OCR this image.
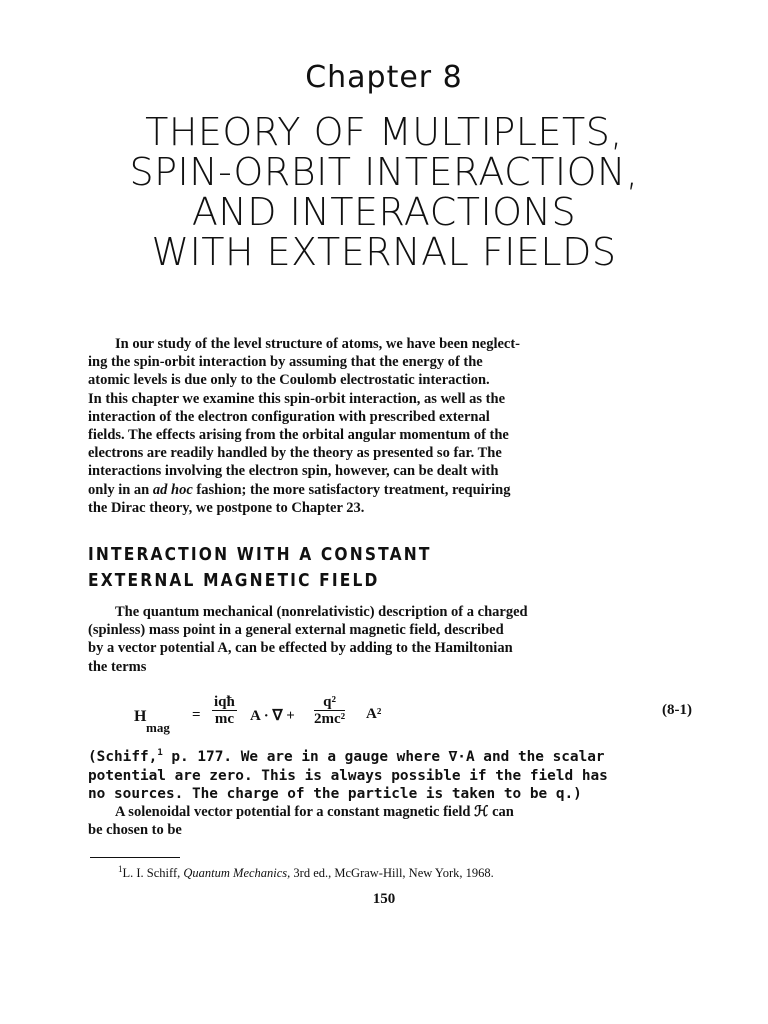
Chapter 8
THEORY OF MULTIPLETS,
SPIN-ORBIT INTERACTION,
AND INTERACTIONS
WITH EXTERNAL FIELDS
In our study of the level structure of atoms, we have been neglect-
ing the spin-orbit interaction by assuming that the energy of the
atomic levels is due only to the Coulomb electrostatic interaction.
In this chapter we examine this spin-orbit interaction, as well as the
interaction of the electron configuration with prescribed external
fields. The effects arising from the orbital angular momentum of the
electrons are readily handled by the theory as presented so far. The
interactions involving the electron spin, however, can be dealt with
only in an ad hoc fashion; the more satisfactory treatment, requiring
the Dirac theory, we postpone to Chapter 23.
INTERACTION WITH A CONSTANT
EXTERNAL MAGNETIC FIELD
The quantum mechanical (nonrelativistic) description of a charged
(spinless) mass point in a general external magnetic field, described
by a vector potential A, can be effected by adding to the Hamiltonian
the terms
H
mag
=
iqħ
mc A · ∇ + $\frac{\text{q²}}{\text{2mc²}} A^2$	(8-1)
(Schiff,$^1$ p. 177. We are in a gauge where ∇·A and the scalar
potential are zero. This is always possible if the field has
no sources. The charge of the particle is taken to be q.)
A solenoidal vector potential for a constant magnetic field ℋ can
be chosen to be
$^1$L. I. Schiff, Quantum Mechanics, 3rd ed., McGraw-Hill, New York, 1968.
150
